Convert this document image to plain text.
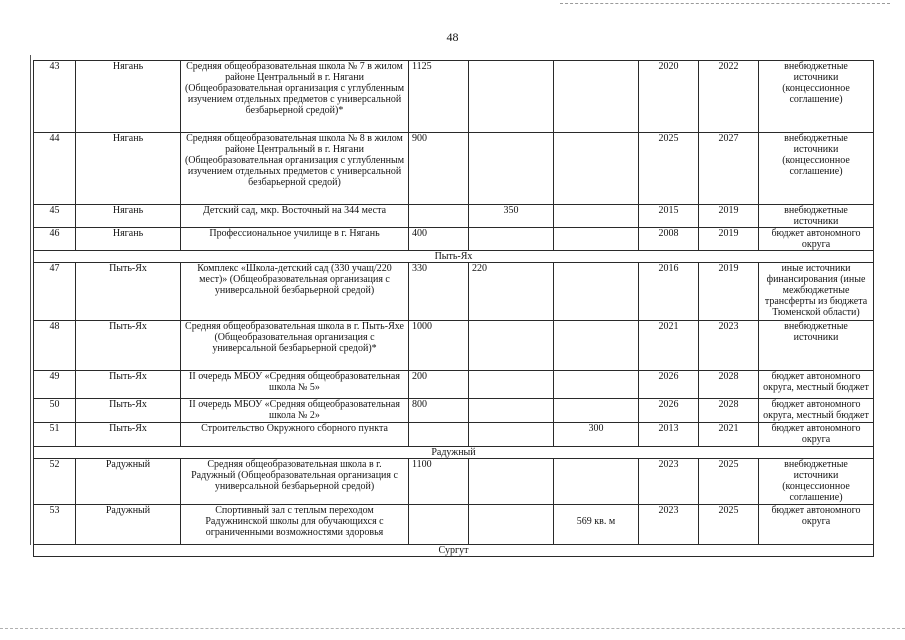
48
43	Нягань	Средняя общеобразовательная школа № 7 в жилом районе Центральный в г. Нягани (Общеобразовательная организация с углубленным изучением отдельных предметов с универсальной безбарьерной средой)*	1125			2020	2022	внебюджетные источники (концессионное соглашение)
44	Нягань	Средняя общеобразовательная школа № 8 в жилом районе Центральный в г. Нягани (Общеобразовательная организация с углубленным изучением отдельных предметов с универсальной безбарьерной средой)	900			2025	2027	внебюджетные источники (концессионное соглашение)
45	Нягань	Детский сад, мкр. Восточный на 344 места		350		2015	2019	внебюджетные источники
46	Нягань	Профессиональное училище в г. Нягань	400			2008	2019	бюджет автономного округа
Пыть-Ях								
47	Пыть-Ях	Комплекс «Школа-детский сад (330 учащ/220 мест)» (Общеобразовательная организация с универсальной безбарьерной средой)	330	220		2016	2019	иные источники финансирования (иные межбюджетные трансферты из бюджета Тюменской области)
48	Пыть-Ях	Средняя общеобразовательная школа в г. Пыть-Яхе (Общеобразовательная организация с универсальной безбарьерной средой)*	1000			2021	2023	внебюджетные источники
49	Пыть-Ях	II очередь МБОУ «Средняя общеобразовательная школа № 5»	200			2026	2028	бюджет автономного округа, местный бюджет
50	Пыть-Ях	II очередь МБОУ «Средняя общеобразовательная школа № 2»	800			2026	2028	бюджет автономного округа, местный бюджет
51	Пыть-Ях	Строительство Окружного сборного пункта			300	2013	2021	бюджет автономного округа
Радужный								
52	Радужный	Средняя общеобразовательная школа в г. Радужный (Общеобразовательная организация с универсальной безбарьерной средой)	1100			2023	2025	внебюджетные источники (концессионное соглашение)
53	Радужный	Спортивный зал с теплым переходом Радужнинской школы для обучающихся с ограниченными возможностями здоровья			569 кв. м	2023	2025	бюджет автономного округа
Сургут								
